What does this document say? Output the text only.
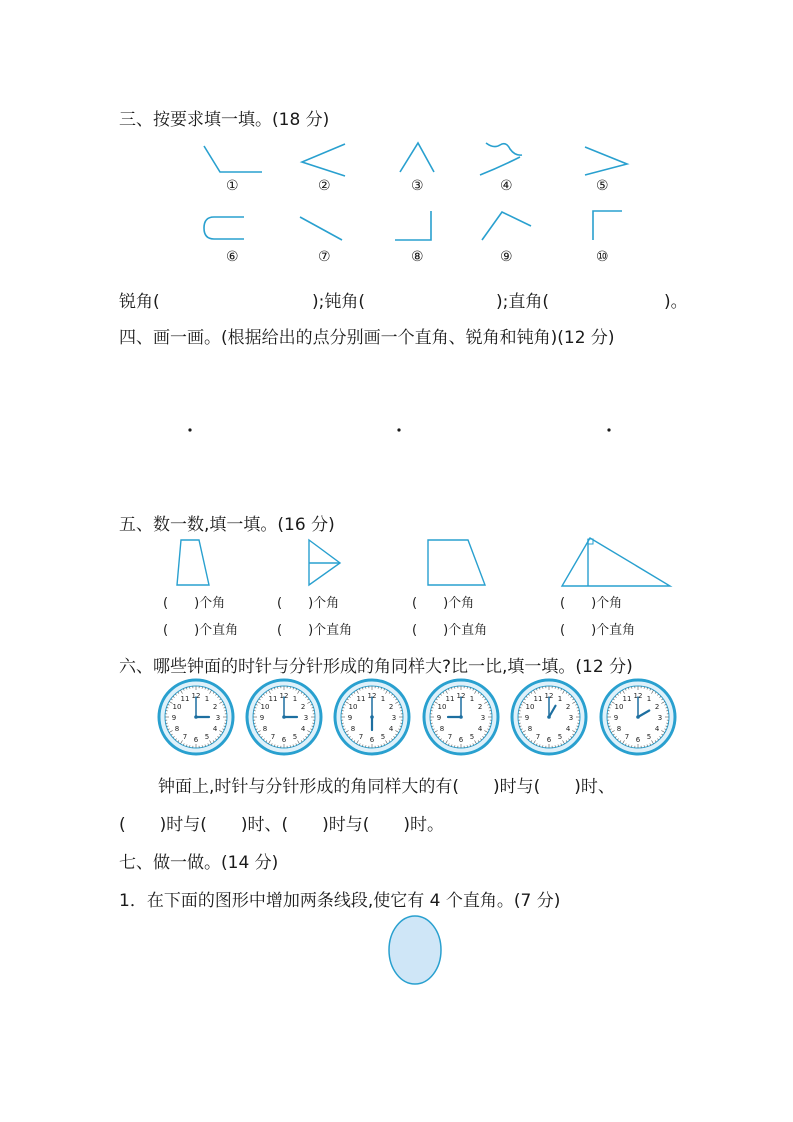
三、按要求填一填。(18 分)
①	②	③	④	⑤
⑥	⑦	⑧	⑨	⑩
锐角(	);钝角(	);直角(	)。
四、画一画。(根据给出的点分别画一个直角、锐角和钝角)(12 分)
五、数一数,填一填。(16 分)
(　　)个角
(　　)个直角
(　　)个角
(　　)个直角
(　　)个角
(　　)个直角
(　　)个角
(　　)个直角
六、哪些钟面的时针与分针形成的角同样大?比一比,填一填。(12 分)
12 1
2
3
4
5
6
7
8
9
10
11	12 1
2
3
4
5
6
7
8
9
10
11	12 1
2
3
4
5
6
7
8
9
10
11	12 1
2
3
4
5
6
7
8
9
10
11	12 1
2
3
4
5
6
7
8
9
10
11	12 1
2
3
4
5
6
7
8
9
10
11
钟面上,时针与分针形成的角同样大的有(　　)时与(　　)时、
(　　)时与(　　)时、(　　)时与(　　)时。
七、做一做。(14 分)
1．在下面的图形中增加两条线段,使它有 4 个直角。(7 分)
